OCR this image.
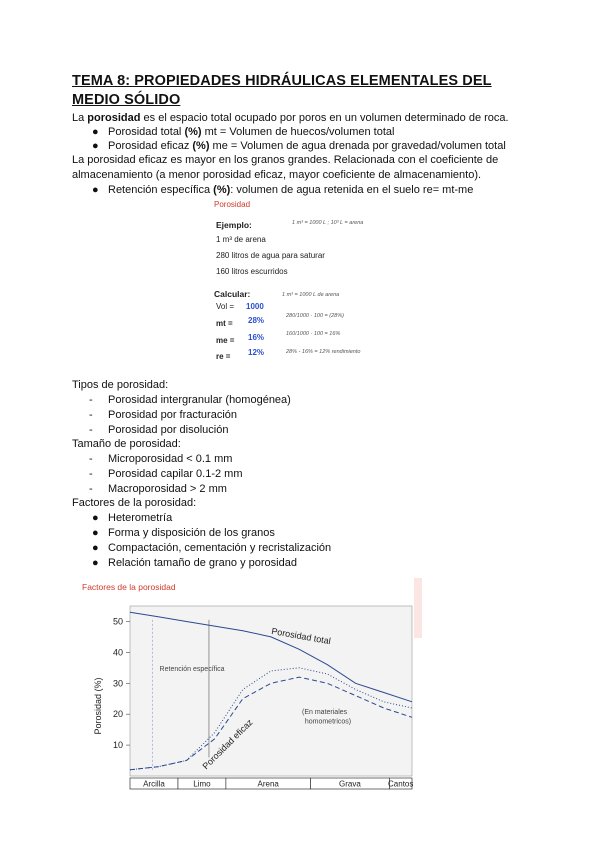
TEMA 8: PROPIEDADES HIDRÁULICAS ELEMENTALES DEL MEDIO SÓLIDO
La porosidad es el espacio total ocupado por poros en un volumen determinado de roca.
● Porosidad total (%) mt = Volumen de huecos/volumen total
● Porosidad eficaz (%) me = Volumen de agua drenada por gravedad/volumen total
La porosidad eficaz es mayor en los granos grandes. Relacionada con el coeficiente de
almacenamiento (a menor porosidad eficaz, mayor coeficiente de almacenamiento).
● Retención específica (%): volumen de agua retenida en el suelo re= mt-me
Porosidad
Ejemplo:	1 m³ = 1000 L ; 10³ L = arena
1 m³ de arena
280 litros de agua para saturar
160 litros escurridos
Calcular:
Vol = 1000
1 m³ = 1000 L de arena
mt = 28%	280/1000 · 100 = (28%)
me = 16%	160/1000 · 100 = 16%
re = 12%	28% - 16% = 12% rendimiento
Tipos de porosidad:
- Porosidad intergranular (homogénea)
- Porosidad por fracturación
- Porosidad por disolución
Tamaño de porosidad:
- Microporosidad < 0.1 mm
- Porosidad capilar 0.1-2 mm
- Macroporosidad > 2 mm
Factores de la porosidad:
● Heterometría
● Forma y disposición de los granos
● Compactación, cementación y recristalización
● Relación tamaño de grano y porosidad
Factores de la porosidad
Porosidad (%)
10
20
30
40
50
Retención específica
Porosidad total
Porosidad eficaz
(En materiales
homometricos)
Arcilla	Limo	Arena	Grava	Cantos
